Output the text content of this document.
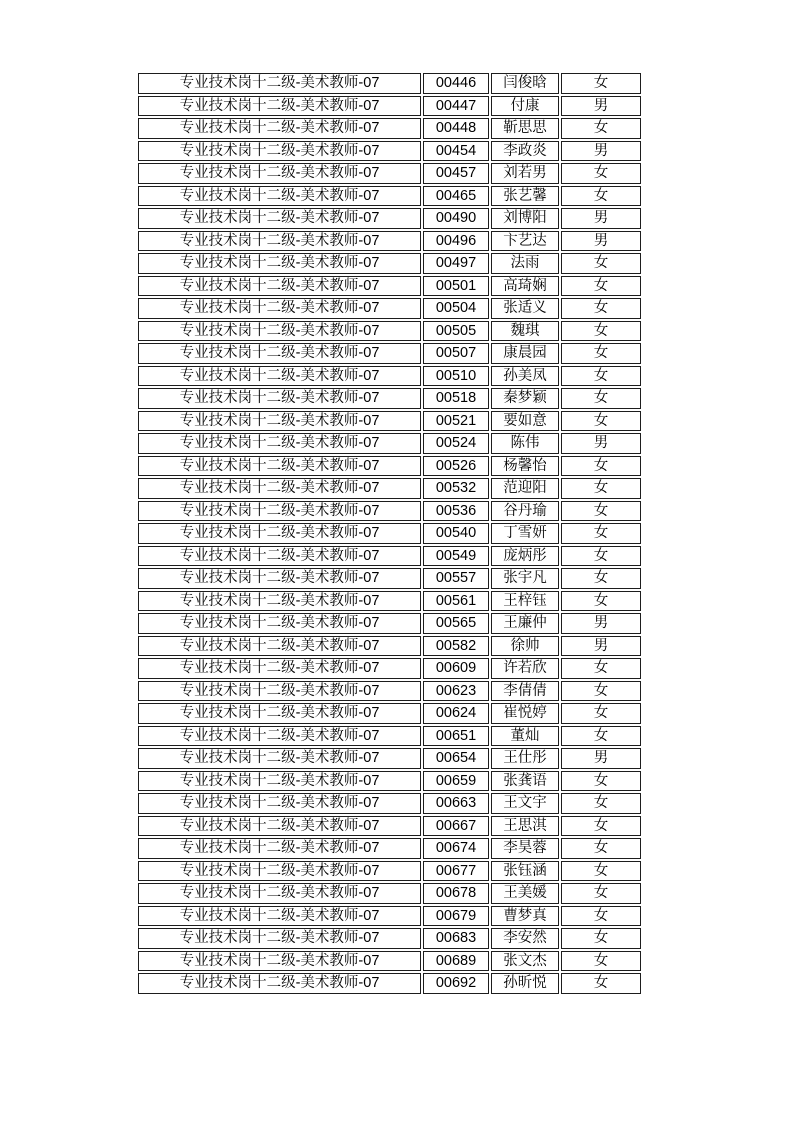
专业技术岗十二级-美术教师-07	00446	闫俊晗	女
专业技术岗十二级-美术教师-07	00447	付康	男
专业技术岗十二级-美术教师-07	00448	靳思思	女
专业技术岗十二级-美术教师-07	00454	李政炎	男
专业技术岗十二级-美术教师-07	00457	刘若男	女
专业技术岗十二级-美术教师-07	00465	张艺馨	女
专业技术岗十二级-美术教师-07	00490	刘博阳	男
专业技术岗十二级-美术教师-07	00496	卞艺达	男
专业技术岗十二级-美术教师-07	00497	法雨	女
专业技术岗十二级-美术教师-07	00501	高琦娴	女
专业技术岗十二级-美术教师-07	00504	张适义	女
专业技术岗十二级-美术教师-07	00505	魏琪	女
专业技术岗十二级-美术教师-07	00507	康晨园	女
专业技术岗十二级-美术教师-07	00510	孙美凤	女
专业技术岗十二级-美术教师-07	00518	秦梦颖	女
专业技术岗十二级-美术教师-07	00521	要如意	女
专业技术岗十二级-美术教师-07	00524	陈伟	男
专业技术岗十二级-美术教师-07	00526	杨馨怡	女
专业技术岗十二级-美术教师-07	00532	范迎阳	女
专业技术岗十二级-美术教师-07	00536	谷丹瑜	女
专业技术岗十二级-美术教师-07	00540	丁雪妍	女
专业技术岗十二级-美术教师-07	00549	庞炳彤	女
专业技术岗十二级-美术教师-07	00557	张宇凡	女
专业技术岗十二级-美术教师-07	00561	王梓钰	女
专业技术岗十二级-美术教师-07	00565	王廉仲	男
专业技术岗十二级-美术教师-07	00582	徐帅	男
专业技术岗十二级-美术教师-07	00609	许若欣	女
专业技术岗十二级-美术教师-07	00623	李倩倩	女
专业技术岗十二级-美术教师-07	00624	崔悦婷	女
专业技术岗十二级-美术教师-07	00651	董灿	女
专业技术岗十二级-美术教师-07	00654	王仕彤	男
专业技术岗十二级-美术教师-07	00659	张龚语	女
专业技术岗十二级-美术教师-07	00663	王文宇	女
专业技术岗十二级-美术教师-07	00667	王思淇	女
专业技术岗十二级-美术教师-07	00674	李昊蓉	女
专业技术岗十二级-美术教师-07	00677	张钰涵	女
专业技术岗十二级-美术教师-07	00678	王美媛	女
专业技术岗十二级-美术教师-07	00679	曹梦真	女
专业技术岗十二级-美术教师-07	00683	李安然	女
专业技术岗十二级-美术教师-07	00689	张文杰	女
专业技术岗十二级-美术教师-07	00692	孙昕悦	女
